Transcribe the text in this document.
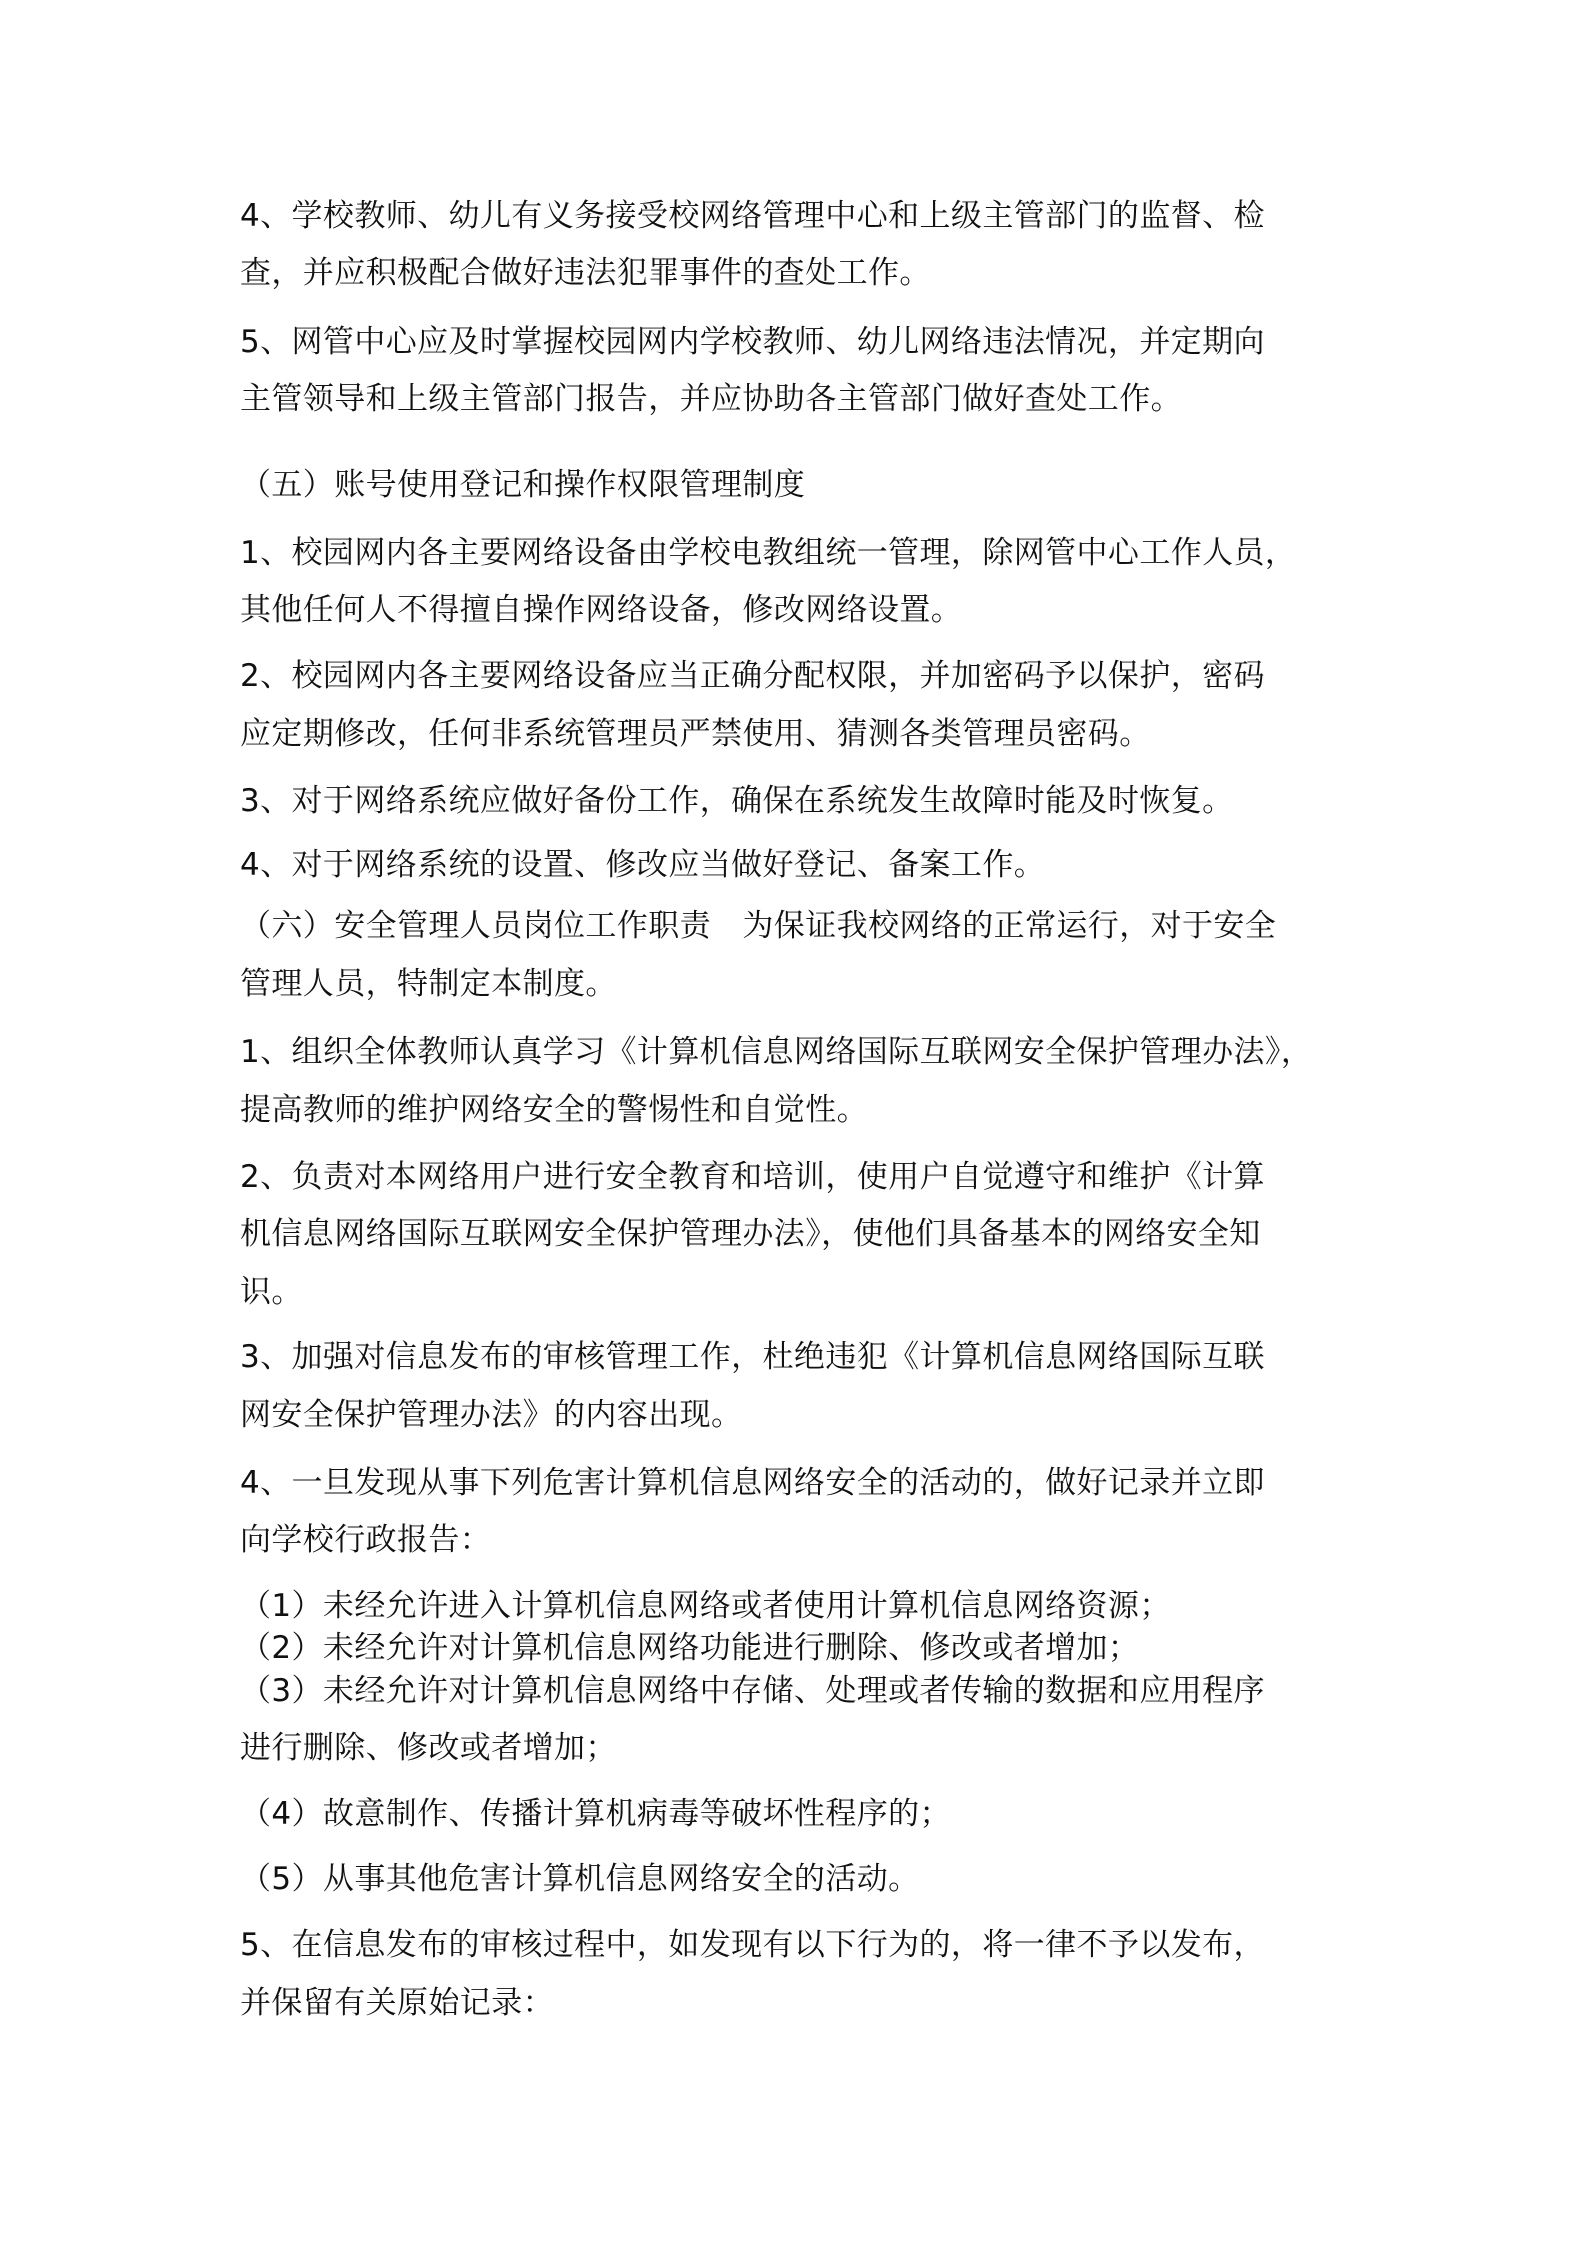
4、学校教师、幼儿有义务接受校网络管理中心和上级主管部门的监督、检

查，并应积极配合做好违法犯罪事件的查处工作。

5、网管中心应及时掌握校园网内学校教师、幼儿网络违法情况，并定期向

主管领导和上级主管部门报告，并应协助各主管部门做好查处工作。

（五）账号使用登记和操作权限管理制度

1、校园网内各主要网络设备由学校电教组统一管理，除网管中心工作人员，

其他任何人不得擅自操作网络设备，修改网络设置。

2、校园网内各主要网络设备应当正确分配权限，并加密码予以保护，密码

应定期修改，任何非系统管理员严禁使用、猜测各类管理员密码。

3、对于网络系统应做好备份工作，确保在系统发生故障时能及时恢复。

4、对于网络系统的设置、修改应当做好登记、备案工作。

（六）安全管理人员岗位工作职责　为保证我校网络的正常运行，对于安全

管理人员，特制定本制度。

1、组织全体教师认真学习《计算机信息网络国际互联网安全保护管理办法》，

提高教师的维护网络安全的警惕性和自觉性。

2、负责对本网络用户进行安全教育和培训，使用户自觉遵守和维护《计算

机信息网络国际互联网安全保护管理办法》，使他们具备基本的网络安全知

识。

3、加强对信息发布的审核管理工作，杜绝违犯《计算机信息网络国际互联

网安全保护管理办法》的内容出现。

4、一旦发现从事下列危害计算机信息网络安全的活动的，做好记录并立即

向学校行政报告：

（1）未经允许进入计算机信息网络或者使用计算机信息网络资源；

（2）未经允许对计算机信息网络功能进行删除、修改或者增加；

（3）未经允许对计算机信息网络中存储、处理或者传输的数据和应用程序

进行删除、修改或者增加；

（4）故意制作、传播计算机病毒等破坏性程序的；

（5）从事其他危害计算机信息网络安全的活动。

5、在信息发布的审核过程中，如发现有以下行为的，将一律不予以发布，

并保留有关原始记录：
